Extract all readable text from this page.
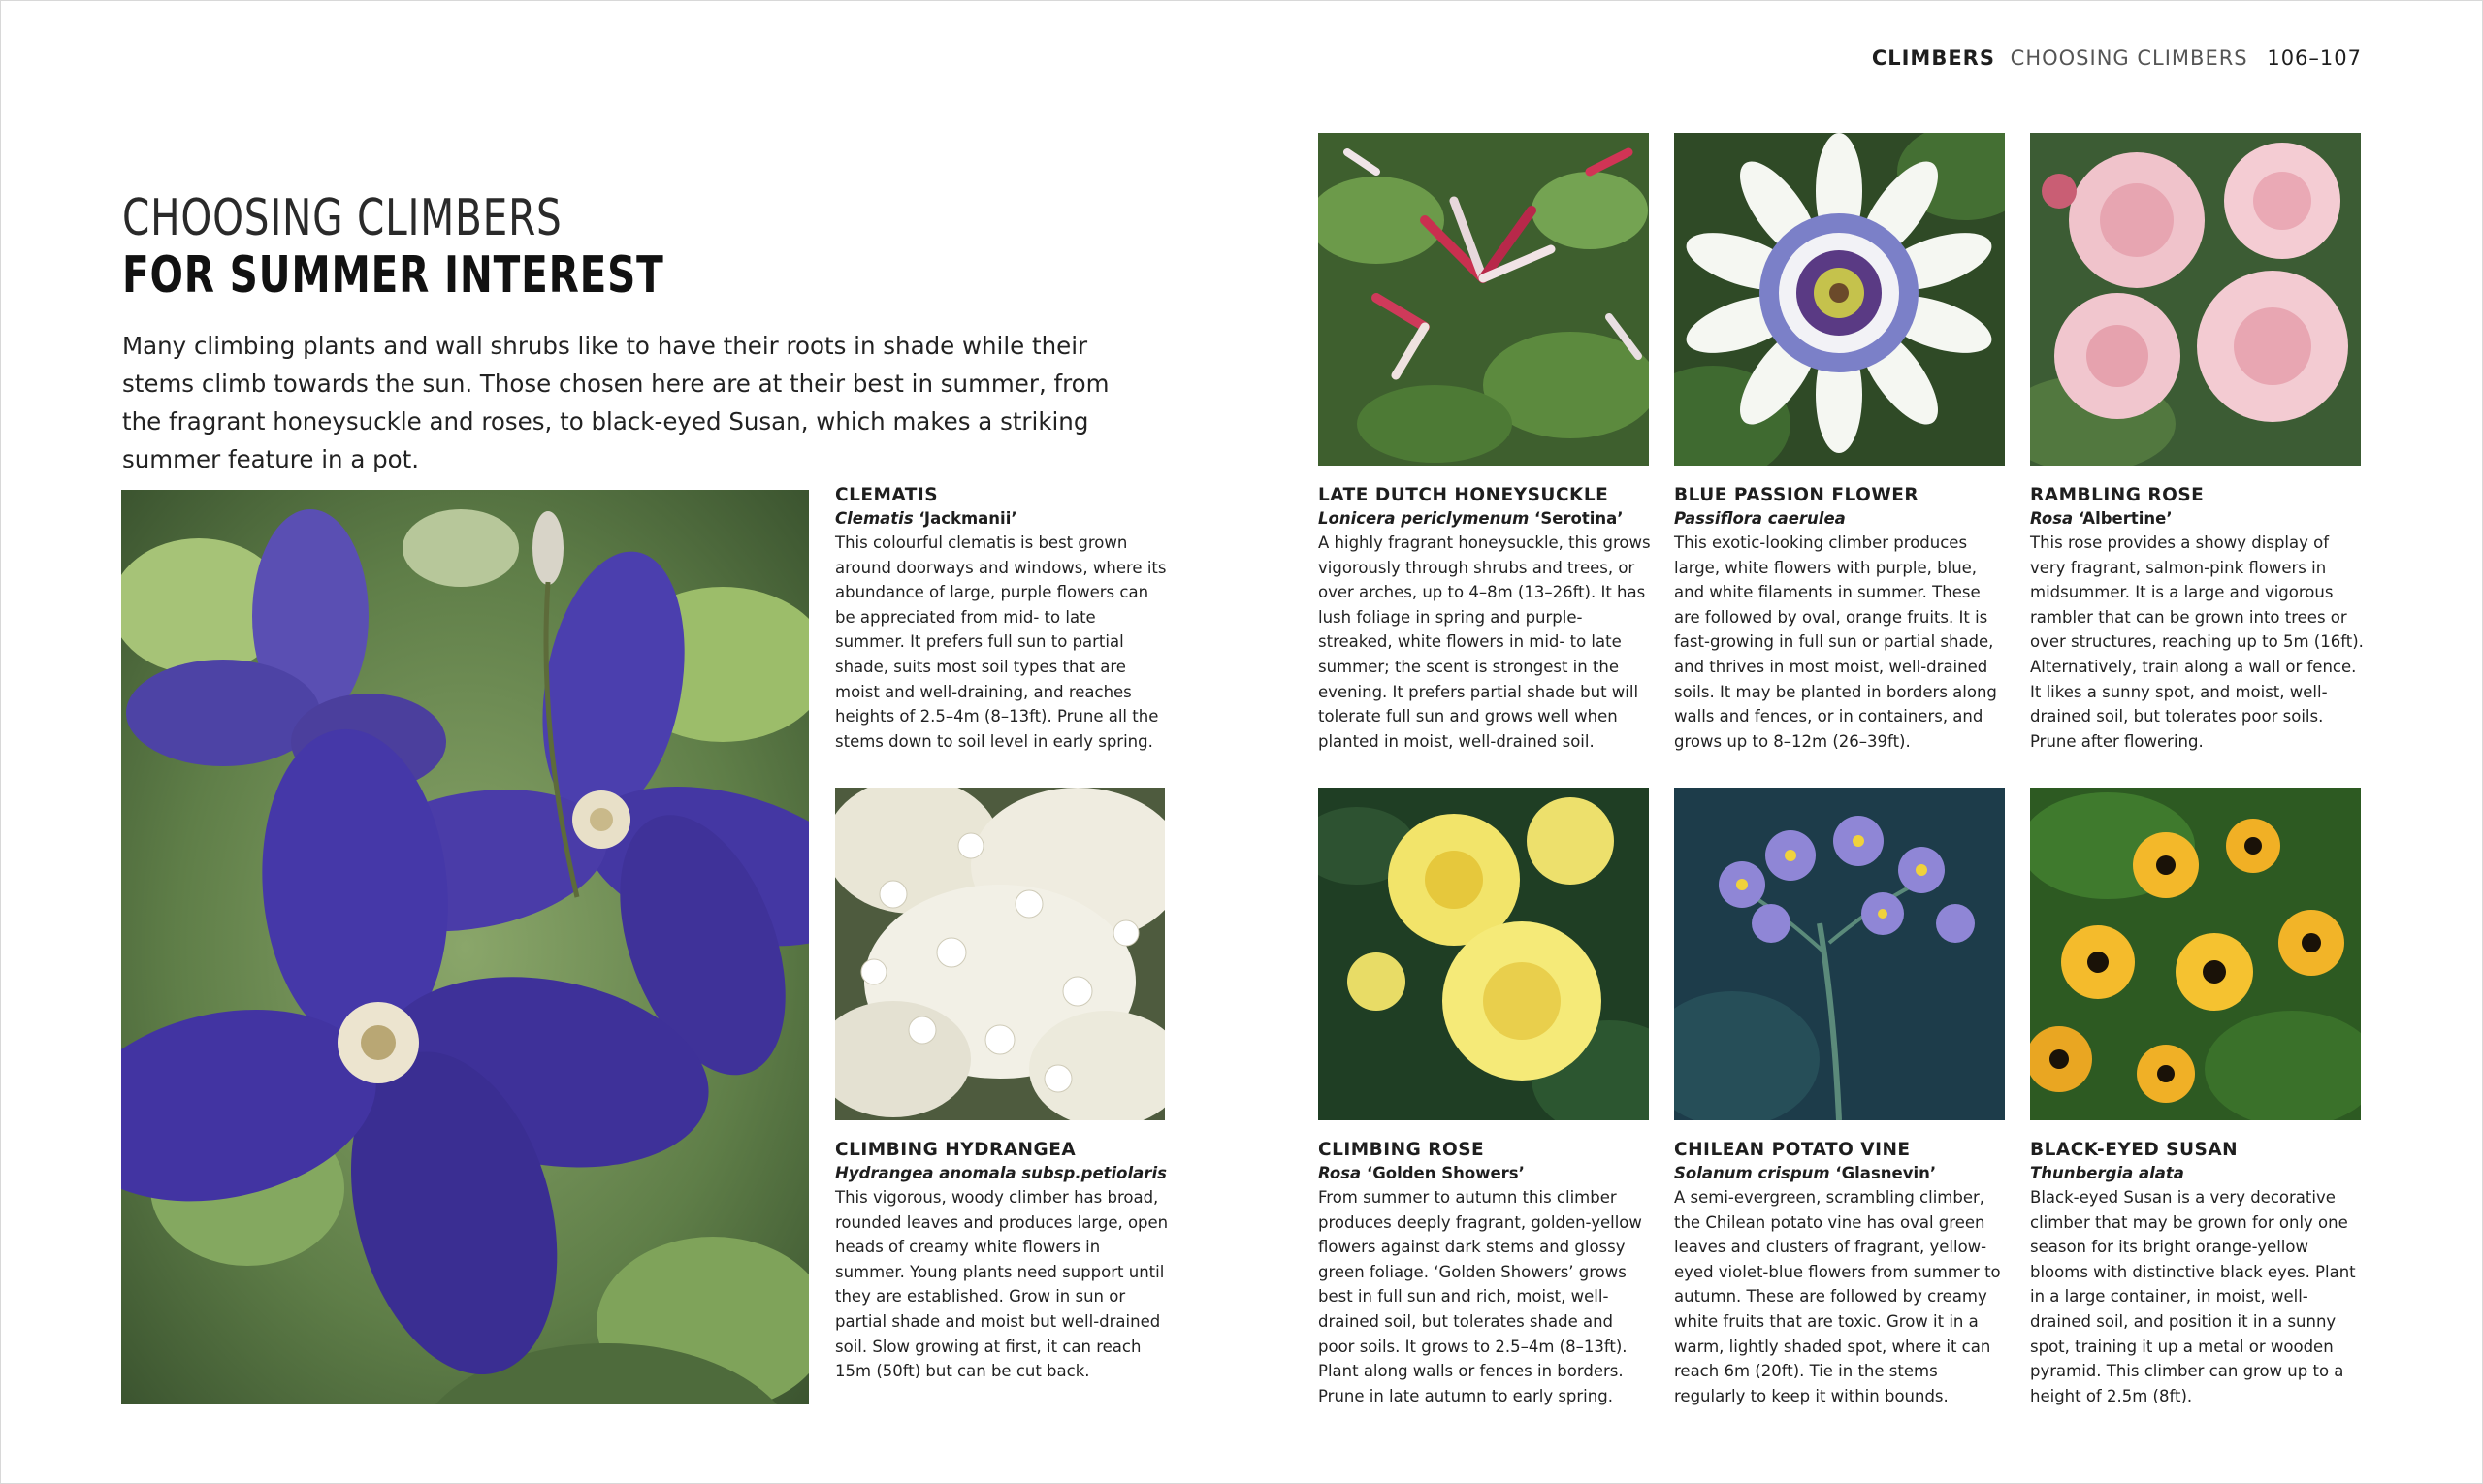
CLIMBERS CHOOSING CLIMBERS 106–107
CHOOSING CLIMBERS
FOR SUMMER INTEREST
Many climbing plants and wall shrubs like to have their roots in shade while their stems climb towards the sun. Those chosen here are at their best in summer, from the fragrant honeysuckle and roses, to black-eyed Susan, which makes a striking summer feature in a pot.
CLEMATIS
Clematis ‘Jackmanii’
This colourful clematis is best grown around doorways and windows, where its abundance of large, purple flowers can be appreciated from mid- to late summer. It prefers full sun to partial shade, suits most soil types that are moist and well-draining, and reaches heights of 2.5–4m (8–13ft). Prune all the stems down to soil level in early spring.
LATE DUTCH HONEYSUCKLE
Lonicera periclymenum ‘Serotina’
A highly fragrant honeysuckle, this grows vigorously through shrubs and trees, or over arches, up to 4–8m (13–26ft). It has lush foliage in spring and purple-streaked, white flowers in mid- to late summer; the scent is strongest in the evening. It prefers partial shade but will tolerate full sun and grows well when planted in moist, well-drained soil.
BLUE PASSION FLOWER
Passiflora caerulea
This exotic-looking climber produces large, white flowers with purple, blue, and white filaments in summer. These are followed by oval, orange fruits. It is fast-growing in full sun or partial shade, and thrives in most moist, well-drained soils. It may be planted in borders along walls and fences, or in containers, and grows up to 8–12m (26–39ft).
RAMBLING ROSE
Rosa ‘Albertine’
This rose provides a showy display of very fragrant, salmon-pink flowers in midsummer. It is a large and vigorous rambler that can be grown into trees or over structures, reaching up to 5m (16ft). Alternatively, train along a wall or fence. It likes a sunny spot, and moist, well-drained soil, but tolerates poor soils. Prune after flowering.
CLIMBING HYDRANGEA
Hydrangea anomala subsp.petiolaris
This vigorous, woody climber has broad, rounded leaves and produces large, open heads of creamy white flowers in summer. Young plants need support until they are established. Grow in sun or partial shade and moist but well-drained soil. Slow growing at first, it can reach 15m (50ft) but can be cut back.
CLIMBING ROSE
Rosa ‘Golden Showers’
From summer to autumn this climber produces deeply fragrant, golden-yellow flowers against dark stems and glossy green foliage. ‘Golden Showers’ grows best in full sun and rich, moist, well-drained soil, but tolerates shade and poor soils. It grows to 2.5–4m (8–13ft). Plant along walls or fences in borders. Prune in late autumn to early spring.
CHILEAN POTATO VINE
Solanum crispum ‘Glasnevin’
A semi-evergreen, scrambling climber, the Chilean potato vine has oval green leaves and clusters of fragrant, yellow-eyed violet-blue flowers from summer to autumn. These are followed by creamy white fruits that are toxic. Grow it in a warm, lightly shaded spot, where it can reach 6m (20ft). Tie in the stems regularly to keep it within bounds.
BLACK-EYED SUSAN
Thunbergia alata
Black-eyed Susan is a very decorative climber that may be grown for only one season for its bright orange-yellow blooms with distinctive black eyes. Plant in a large container, in moist, well-drained soil, and position it in a sunny spot, training it up a metal or wooden pyramid. This climber can grow up to a height of 2.5m (8ft).
